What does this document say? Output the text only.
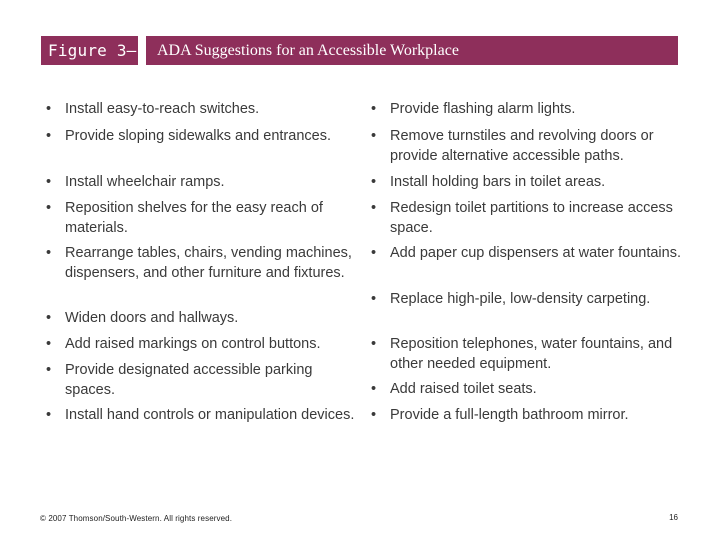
Figure 3–2
ADA Suggestions for an Accessible Workplace
• Install easy-to-reach switches.
• Provide sloping sidewalks and entrances.
• Install wheelchair ramps.
• Reposition shelves for the easy reach of materials.
• Rearrange tables, chairs, vending machines, dispensers, and other furniture and fixtures.
• Widen doors and hallways.
• Add raised markings on control buttons.
• Provide designated accessible parking spaces.
• Install hand controls or manipulation devices.
• Provide flashing alarm lights.
• Remove turnstiles and revolving doors or provide alternative accessible paths.
• Install holding bars in toilet areas.
• Redesign toilet partitions to increase access space.
• Add paper cup dispensers at water fountains.
• Replace high-pile, low-density carpeting.
• Reposition telephones, water fountains, and other needed equipment.
• Add raised toilet seats.
• Provide a full-length bathroom mirror.
© 2007 Thomson/South-Western. All rights reserved.	16
